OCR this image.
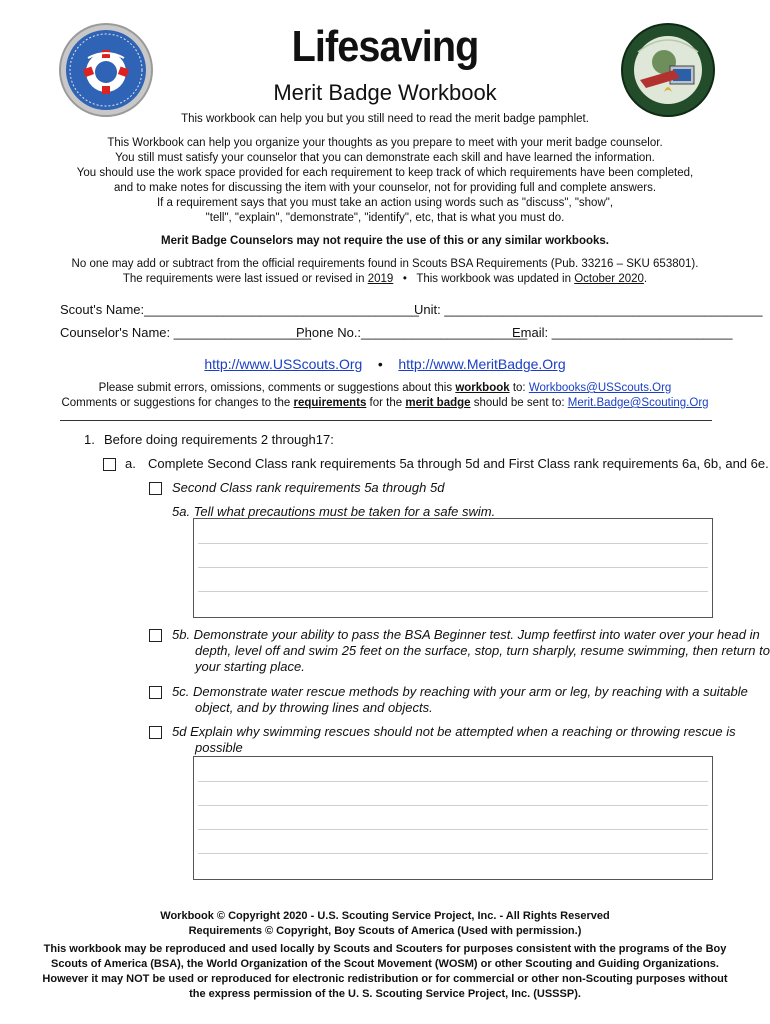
Lifesaving
Merit Badge Workbook
This workbook can help you but you still need to read the merit badge pamphlet.
This Workbook can help you organize your thoughts as you prepare to meet with your merit badge counselor.
You still must satisfy your counselor that you can demonstrate each skill and have learned the information.
You should use the work space provided for each requirement to keep track of which requirements have been completed,
and to make notes for discussing the item with your counselor, not for providing full and complete answers.
If a requirement says that you must take an action using words such as "discuss", "show",
"tell", "explain", "demonstrate", "identify", etc, that is what you must do.
Merit Badge Counselors may not require the use of this or any similar workbooks.
No one may add or subtract from the official requirements found in Scouts BSA Requirements (Pub. 33216 – SKU 653801).
The requirements were last issued or revised in 2019 • This workbook was updated in October 2020.
Scout's Name:______________________________________
Unit: ____________________________________________
Counselor's Name: ___________________
Phone No.:_______________________
Email: _________________________
http://www.USScouts.Org • http://www.MeritBadge.Org
Please submit errors, omissions, comments or suggestions about this workbook to: Workbooks@USScouts.Org
Comments or suggestions for changes to the requirements for the merit badge should be sent to: Merit.Badge@Scouting.Org
1. Before doing requirements 2 through17:
a. Complete Second Class rank requirements 5a through 5d and First Class rank requirements 6a, 6b, and 6e.
Second Class rank requirements 5a through 5d
5a. Tell what precautions must be taken for a safe swim.
5b. Demonstrate your ability to pass the BSA Beginner test. Jump feetfirst into water over your head in
depth, level off and swim 25 feet on the surface, stop, turn sharply, resume swimming, then return to
your starting place.
5c. Demonstrate water rescue methods by reaching with your arm or leg, by reaching with a suitable
object, and by throwing lines and objects.
5d Explain why swimming rescues should not be attempted when a reaching or throwing rescue is
possible
Workbook © Copyright 2020 - U.S. Scouting Service Project, Inc. - All Rights Reserved
Requirements © Copyright, Boy Scouts of America (Used with permission.)
This workbook may be reproduced and used locally by Scouts and Scouters for purposes consistent with the programs of the Boy
Scouts of America (BSA), the World Organization of the Scout Movement (WOSM) or other Scouting and Guiding Organizations.
However it may NOT be used or reproduced for electronic redistribution or for commercial or other non-Scouting purposes without
the express permission of the U. S. Scouting Service Project, Inc. (USSSP).
